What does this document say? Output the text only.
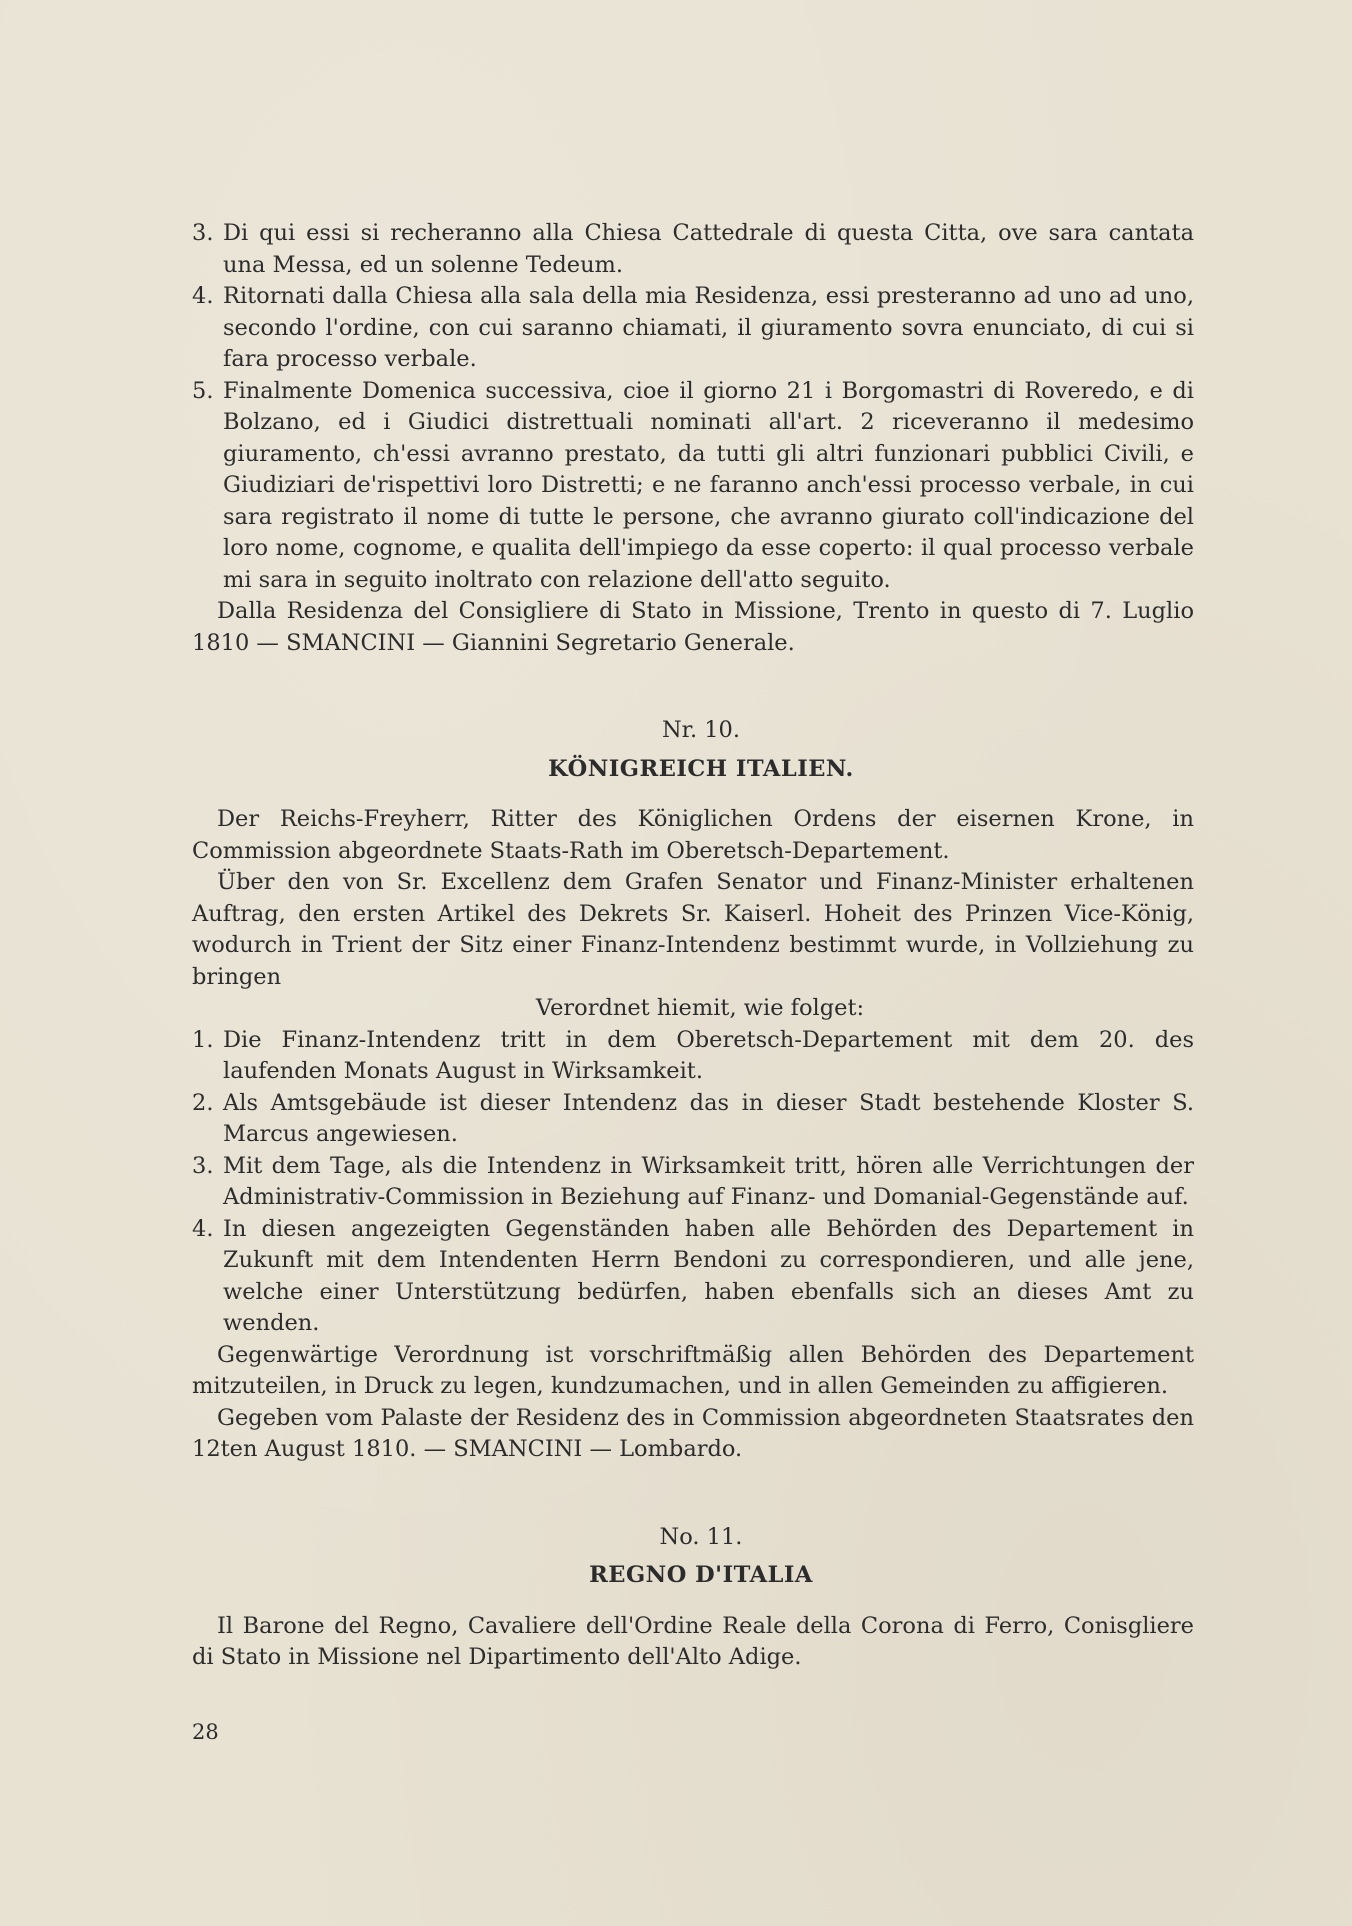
3. Di qui essi si recheranno alla Chiesa Cattedrale di questa Citta, ove sara cantata una Messa, ed un solenne Tedeum.
4. Ritornati dalla Chiesa alla sala della mia Residenza, essi presteranno ad uno ad uno, secondo l'ordine, con cui saranno chiamati, il giuramento sovra enunciato, di cui si fara processo verbale.
5. Finalmente Domenica successiva, cioe il giorno 21 i Borgomastri di Roveredo, e di Bolzano, ed i Giudici distrettuali nominati all'art. 2 riceveranno il medesimo giuramento, ch'essi avranno prestato, da tutti gli altri funzionari pubblici Civili, e Giudiziari de'rispettivi loro Distretti; e ne faranno anch'essi processo verbale, in cui sara registrato il nome di tutte le persone, che avranno giurato coll'indicazione del loro nome, cognome, e qualita dell'impiego da esse coperto: il qual processo verbale mi sara in seguito inoltrato con relazione dell'atto seguito.

Dalla Residenza del Consigliere di Stato in Missione, Trento in questo di 7. Luglio 1810 — SMANCINI — Giannini Segretario Generale.

Nr. 10.

KÖNIGREICH ITALIEN.

Der Reichs-Freyherr, Ritter des Königlichen Ordens der eisernen Krone, in Commission abgeordnete Staats-Rath im Oberetsch-Departement.

Über den von Sr. Excellenz dem Grafen Senator und Finanz-Minister erhaltenen Auftrag, den ersten Artikel des Dekrets Sr. Kaiserl. Hoheit des Prinzen Vice-König, wodurch in Trient der Sitz einer Finanz-Intendenz bestimmt wurde, in Vollziehung zu bringen

Verordnet hiemit, wie folget:

1. Die Finanz-Intendenz tritt in dem Oberetsch-Departement mit dem 20. des laufenden Monats August in Wirksamkeit.
2. Als Amtsgebäude ist dieser Intendenz das in dieser Stadt bestehende Kloster S. Marcus angewiesen.
3. Mit dem Tage, als die Intendenz in Wirksamkeit tritt, hören alle Verrichtungen der Administrativ-Commission in Beziehung auf Finanz- und Domanial-Gegenstände auf.
4. In diesen angezeigten Gegenständen haben alle Behörden des Departement in Zukunft mit dem Intendenten Herrn Bendoni zu correspondieren, und alle jene, welche einer Unterstützung bedürfen, haben ebenfalls sich an dieses Amt zu wenden.

Gegenwärtige Verordnung ist vorschriftmäßig allen Behörden des Departement mitzuteilen, in Druck zu legen, kundzumachen, und in allen Gemeinden zu affigieren.

Gegeben vom Palaste der Residenz des in Commission abgeordneten Staatsrates den 12ten August 1810. — SMANCINI — Lombardo.

No. 11.

REGNO D'ITALIA

Il Barone del Regno, Cavaliere dell'Ordine Reale della Corona di Ferro, Conisgliere di Stato in Missione nel Dipartimento dell'Alto Adige.

28
